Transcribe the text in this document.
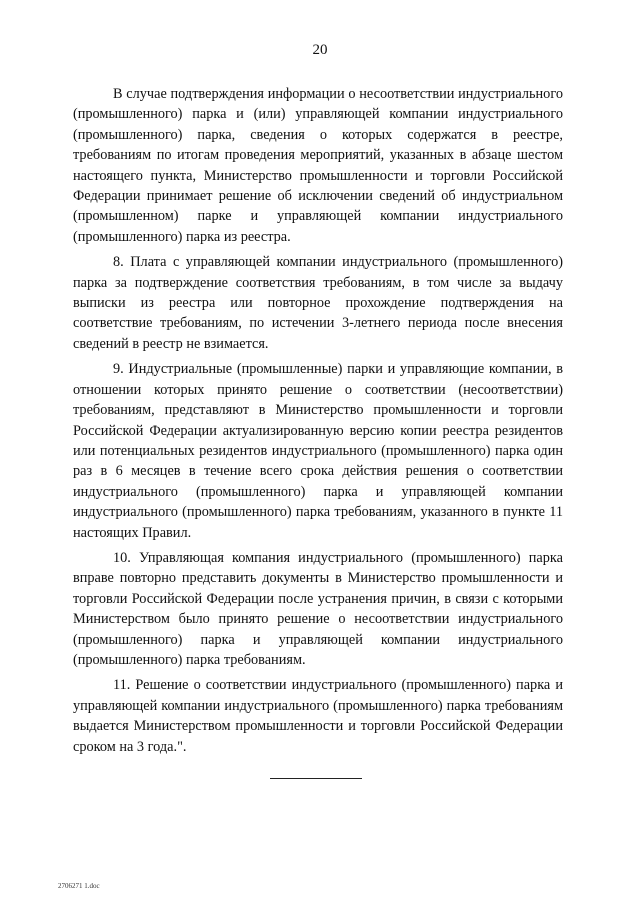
20

В случае подтверждения информации о несоответствии индустриального (промышленного) парка и (или) управляющей компании индустриального (промышленного) парка, сведения о которых содержатся в реестре, требованиям по итогам проведения мероприятий, указанных в абзаце шестом настоящего пункта, Министерство промышленности и торговли Российской Федерации принимает решение об исключении сведений об индустриальном (промышленном) парке и управляющей компании индустриального (промышленного) парка из реестра.

8. Плата с управляющей компании индустриального (промышленного) парка за подтверждение соответствия требованиям, в том числе за выдачу выписки из реестра или повторное прохождение подтверждения на соответствие требованиям, по истечении 3-летнего периода после внесения сведений в реестр не взимается.

9. Индустриальные (промышленные) парки и управляющие компании, в отношении которых принято решение о соответствии (несоответствии) требованиям, представляют в Министерство промышленности и торговли Российской Федерации актуализированную версию копии реестра резидентов или потенциальных резидентов индустриального (промышленного) парка один раз в 6 месяцев в течение всего срока действия решения о соответствии индустриального (промышленного) парка и управляющей компании индустриального (промышленного) парка требованиям, указанного в пункте 11 настоящих Правил.

10. Управляющая компания индустриального (промышленного) парка вправе повторно представить документы в Министерство промышленности и торговли Российской Федерации после устранения причин, в связи с которыми Министерством было принято решение о несоответствии индустриального (промышленного) парка и управляющей компании индустриального (промышленного) парка требованиям.

11. Решение о соответствии индустриального (промышленного) парка и управляющей компании индустриального (промышленного) парка требованиям выдается Министерством промышленности и торговли Российской Федерации сроком на 3 года.".

2706271 1.doc
